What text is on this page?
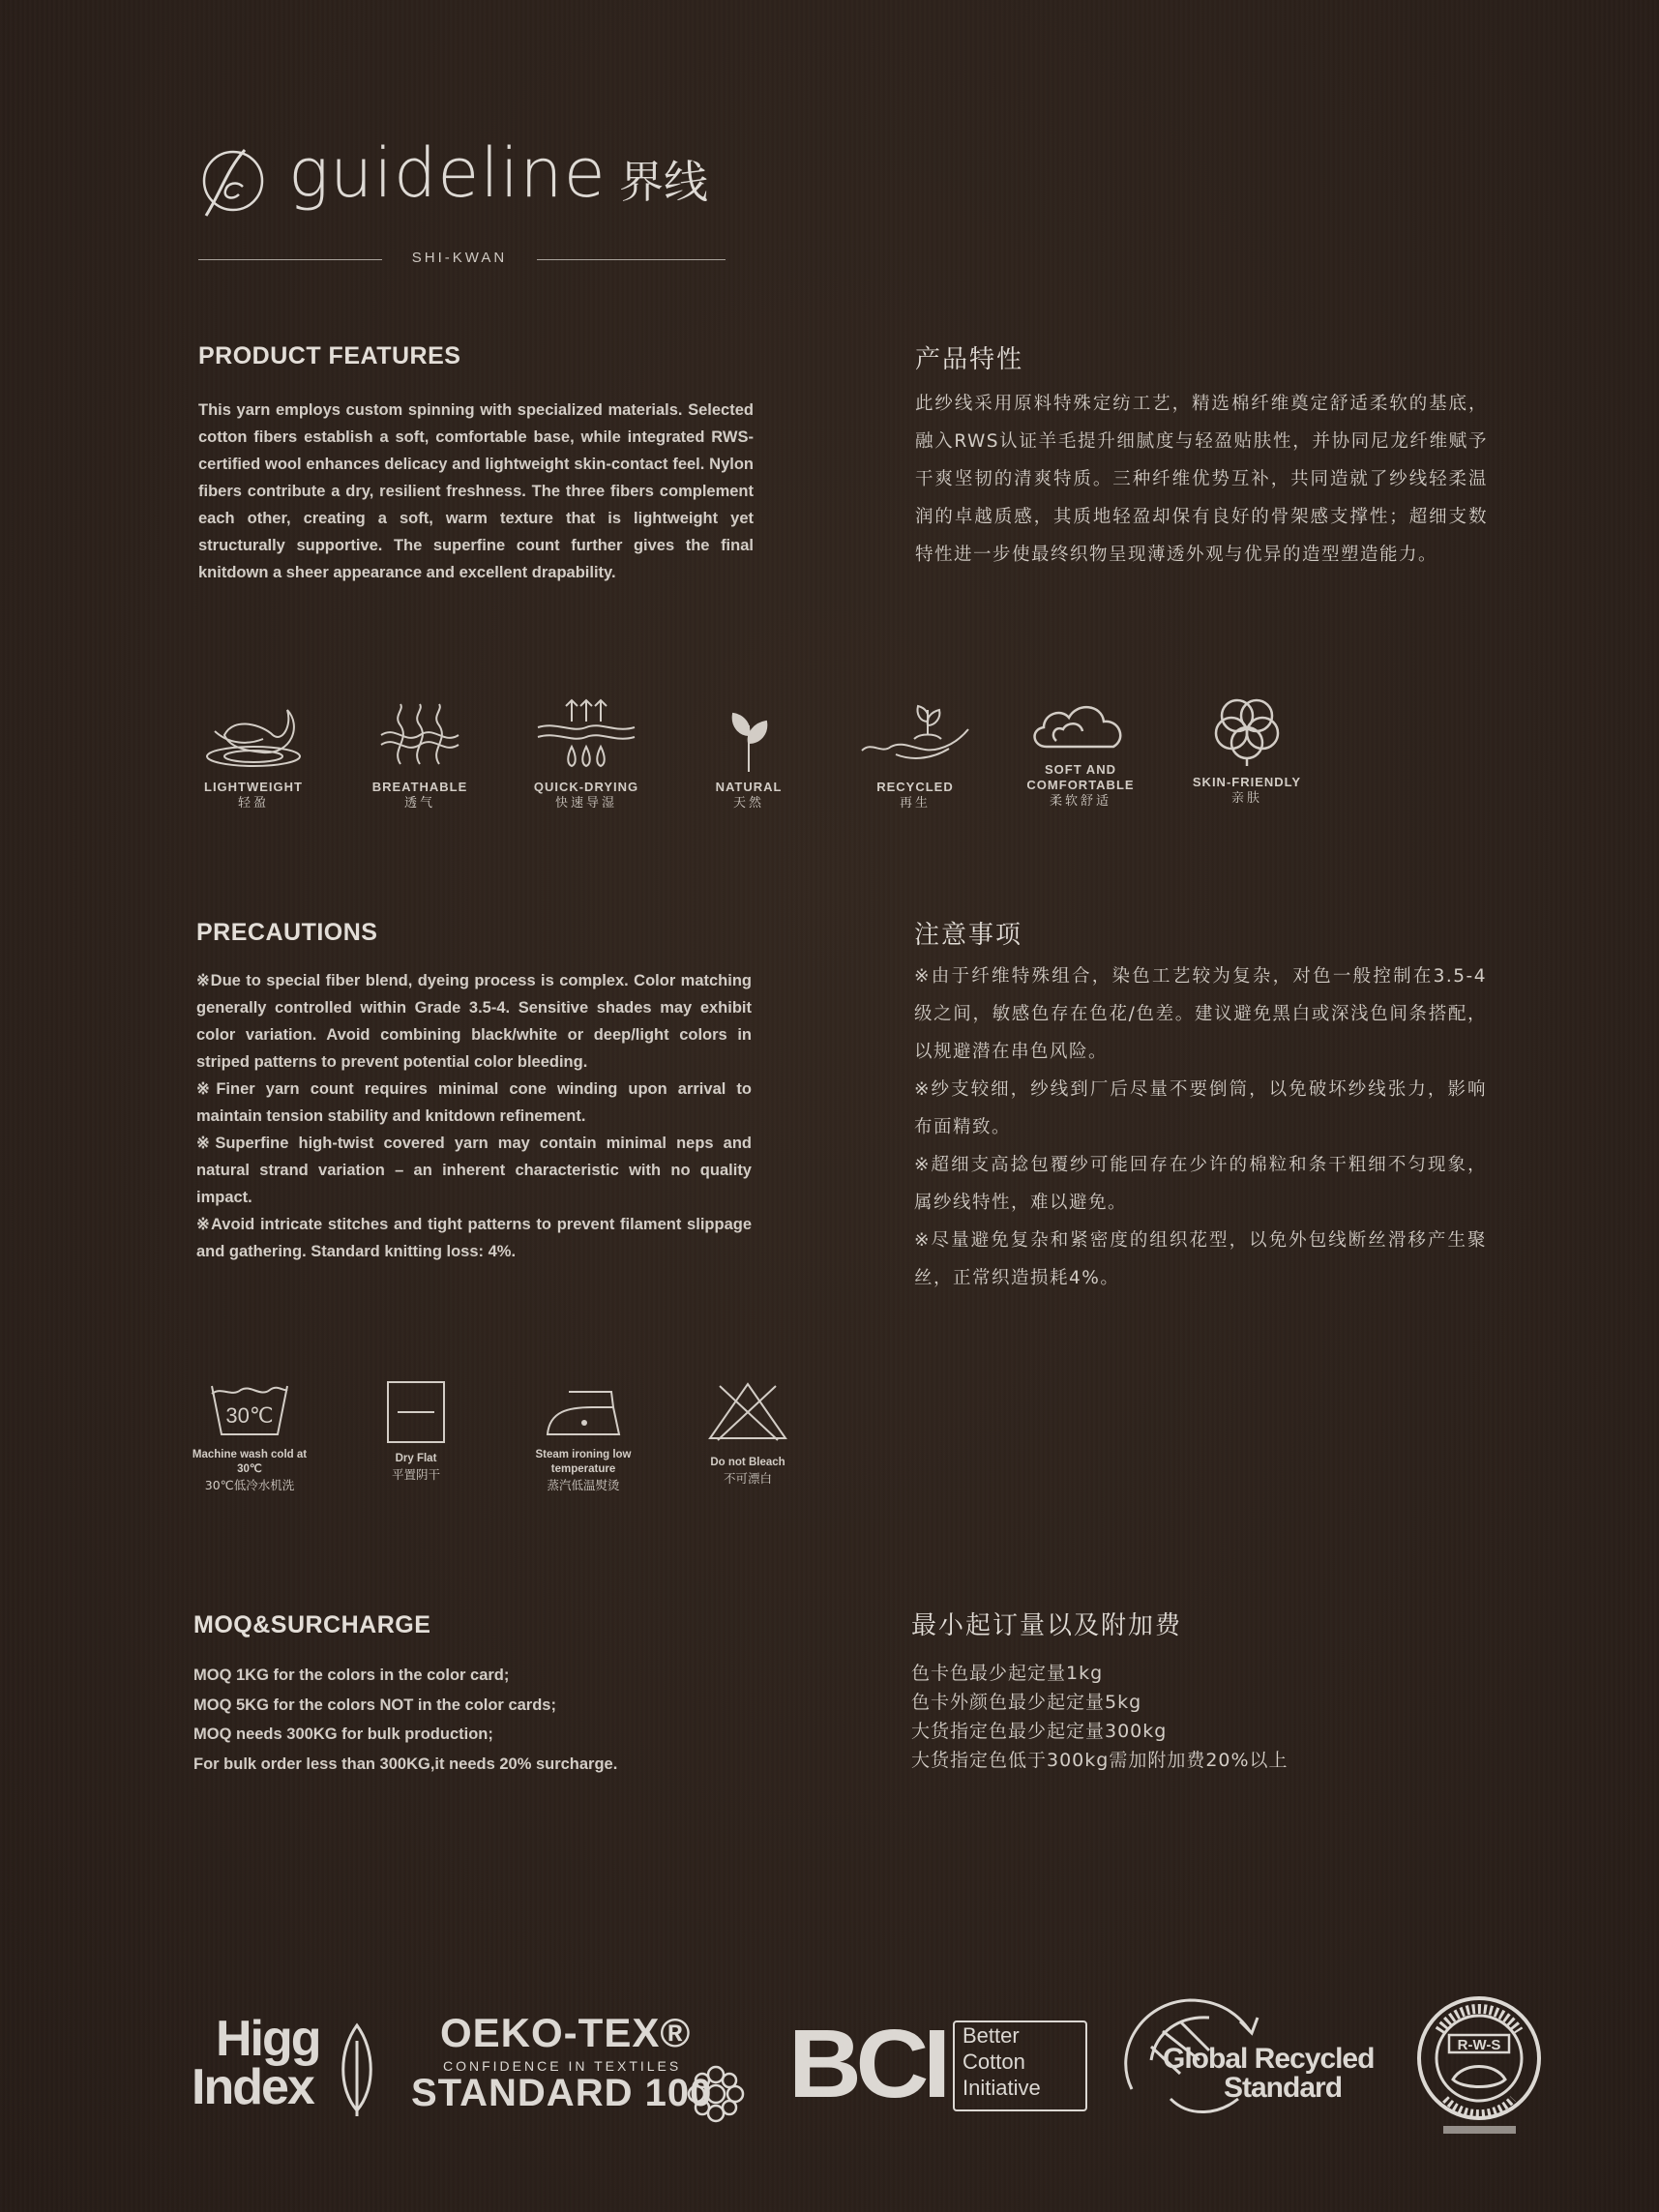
guideline 界线
SHI-KWAN
PRODUCT FEATURES	产品特性
This yarn employs custom spinning with specialized materials. Selected cotton fibers establish a soft, comfortable base, while integrated RWS-certified wool enhances delicacy and lightweight skin-contact feel. Nylon fibers contribute a dry, resilient freshness. The three fibers complement each other, creating a soft, warm texture that is lightweight yet structurally supportive. The superfine count further gives the final knitdown a sheer appearance and excellent drapability.
此纱线采用原料特殊定纺工艺，精选棉纤维奠定舒适柔软的基底，融入RWS认证羊毛提升细腻度与轻盈贴肤性，并协同尼龙纤维赋予干爽坚韧的清爽特质。三种纤维优势互补，共同造就了纱线轻柔温润的卓越质感，其质地轻盈却保有良好的骨架感支撑性；超细支数特性进一步使最终织物呈现薄透外观与优异的造型塑造能力。
LIGHTWEIGHT
轻盈
BREATHABLE
透气
QUICK-DRYING
快速导湿
NATURAL
天然
RECYCLED
再生
SOFT AND COMFORTABLE
柔软舒适
SKIN-FRIENDLY
亲肤
PRECAUTIONS	注意事项

※Due to special fiber blend, dyeing process is complex. Color matching generally controlled within Grade 3.5-4. Sensitive shades may exhibit color variation. Avoid combining black/white or deep/light colors in striped patterns to prevent potential color bleeding.

※Finer yarn count requires minimal cone winding upon arrival to maintain tension stability and knitdown refinement.

※Superfine high-twist covered yarn may contain minimal neps and natural strand variation – an inherent characteristic with no quality impact.

※Avoid intricate stitches and tight patterns to prevent filament slippage and gathering. Standard knitting loss: 4%.

※由于纤维特殊组合，染色工艺较为复杂，对色一般控制在3.5-4级之间，敏感色存在色花/色差。建议避免黑白或深浅色间条搭配，以规避潜在串色风险。

※纱支较细，纱线到厂后尽量不要倒筒，以免破坏纱线张力，影响布面精致。

※超细支高捻包覆纱可能回存在少许的棉粒和条干粗细不匀现象，属纱线特性，难以避免。

※尽量避免复杂和紧密度的组织花型，以免外包线断丝滑移产生聚丝，正常织造损耗4%。

30℃
Machine wash cold at 30℃
30℃低冷水机洗
Dry Flat
平置阴干
Steam ironing low temperature
蒸汽低温熨烫
Do not Bleach
不可漂白
MOQ&SURCHARGE	最小起订量以及附加费

MOQ 1KG for the colors in the color card;

MOQ 5KG for the colors NOT in the color cards;

MOQ needs 300KG for bulk production;

For bulk order less than 300KG,it needs 20% surcharge.

色卡色最少起定量1kg

色卡外颜色最少起定量5kg

大货指定色最少起定量300kg

大货指定色低于300kg需加附加费20%以上

Higg
Index
OEKO-TEX®
CONFIDENCE IN TEXTILES
STANDARD 100 BCI Better
Cotton
Initiative
Global Recycled
Standard
R-W-S
